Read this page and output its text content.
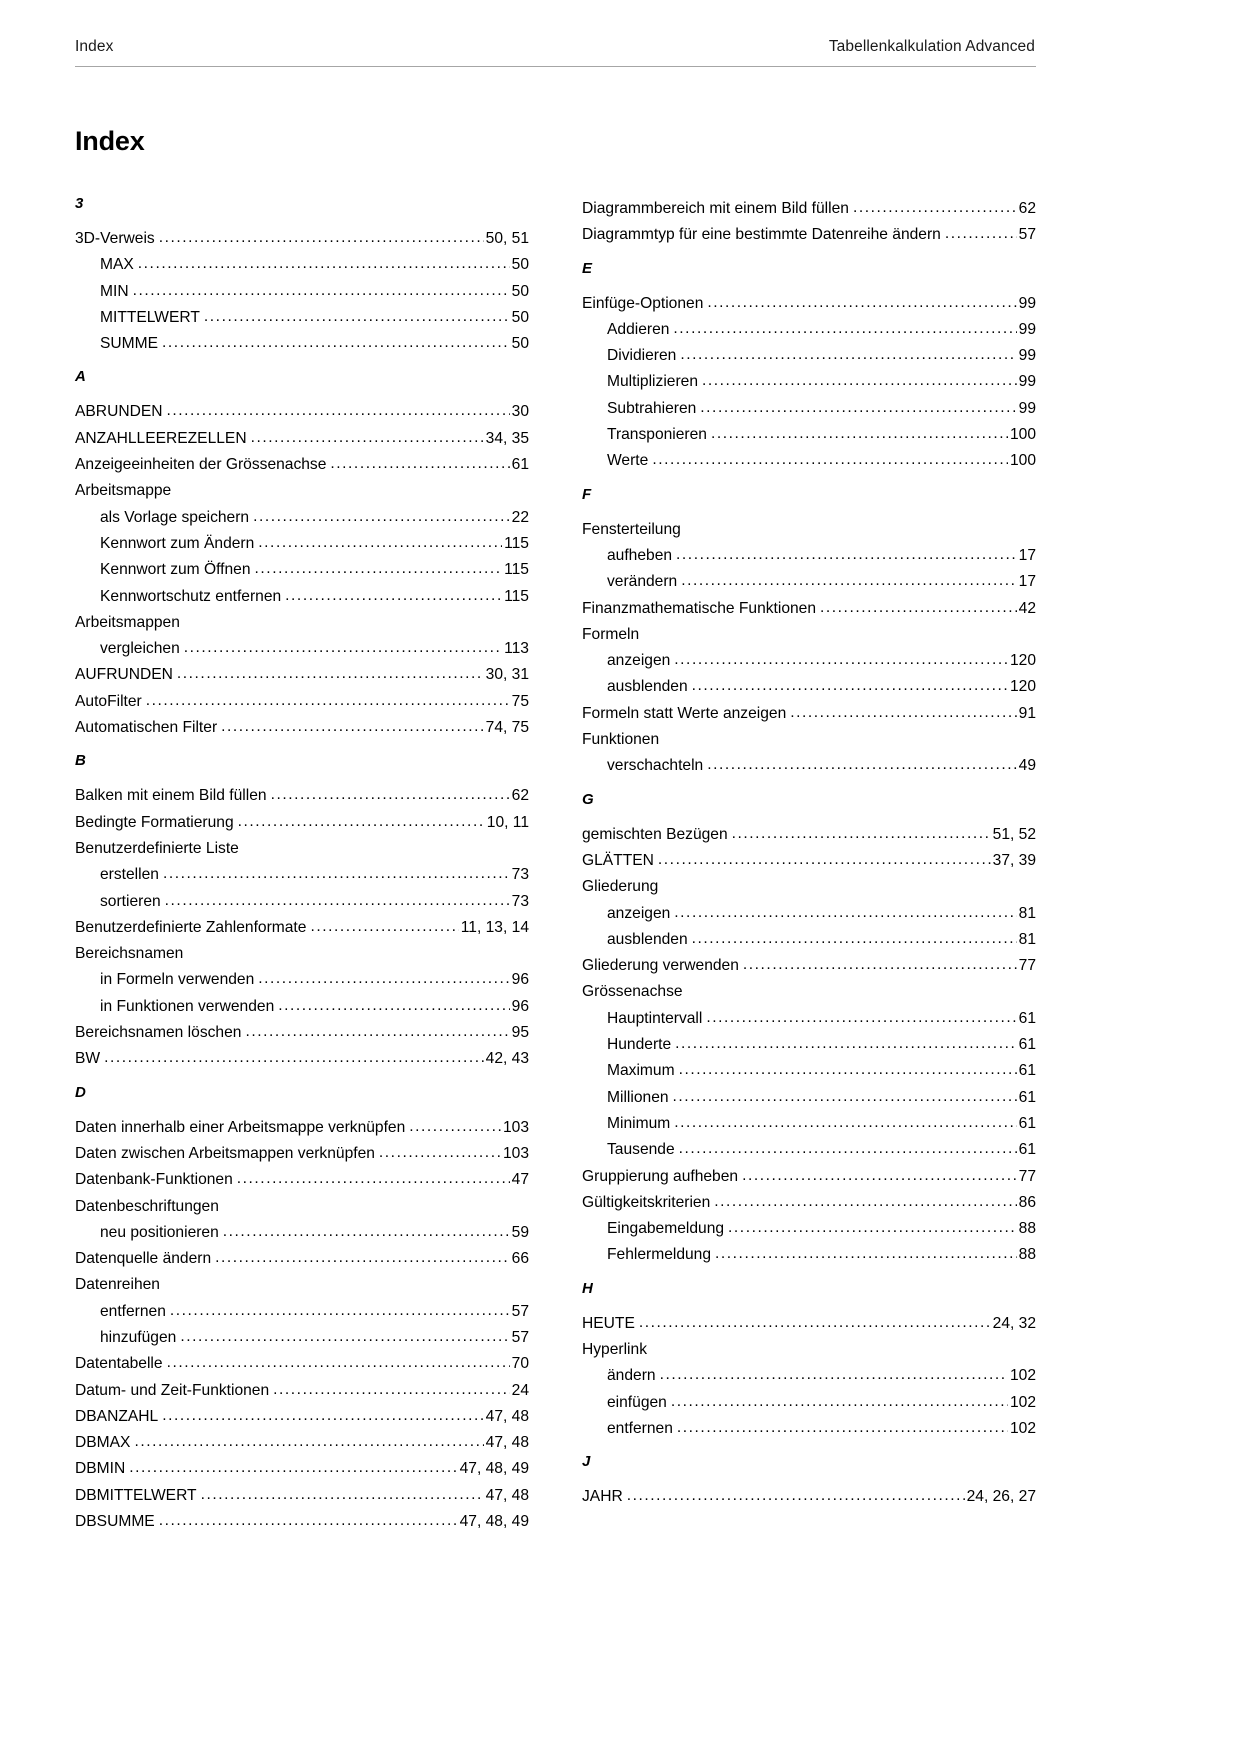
Index	Tabellenkalkulation Advanced
Index
3
3D-Verweis .....	50, 51
MAX .....	50
MIN .....	50
MITTELWERT .....	50
SUMME .....	50
A
ABRUNDEN .....	30
ANZAHLLEEREZELLEN .....	34, 35
Anzeigeeinheiten der Grössenachse .....	61
Arbeitsmappe
als Vorlage speichern .....	22
Kennwort zum Ändern .....	115
Kennwort zum Öffnen .....	115
Kennwortschutz entfernen .....	115
Arbeitsmappen
vergleichen .....	113
AUFRUNDEN .....	30, 31
AutoFilter .....	75
Automatischen Filter .....	74, 75
B
Balken mit einem Bild füllen .....	62
Bedingte Formatierung .....	10, 11
Benutzerdefinierte Liste
erstellen .....	73
sortieren .....	73
Benutzerdefinierte Zahlenformate .....	11, 13, 14
Bereichsnamen
in Formeln verwenden .....	96
in Funktionen verwenden .....	96
Bereichsnamen löschen .....	95
BW .....	42, 43
D
Daten innerhalb einer Arbeitsmappe verknüpfen .....	103
Daten zwischen Arbeitsmappen verknüpfen .....	103
Datenbank-Funktionen .....	47
Datenbeschriftungen
neu positionieren .....	59
Datenquelle ändern .....	66
Datenreihen
entfernen .....	57
hinzufügen .....	57
Datentabelle .....	70
Datum- und Zeit-Funktionen .....	24
DBANZAHL .....	47, 48
DBMAX .....	47, 48
DBMIN .....	47, 48, 49
DBMITTELWERT .....	47, 48
DBSUMME .....	47, 48, 49
Diagrammbereich mit einem Bild füllen .....	62
Diagrammtyp für eine bestimmte Datenreihe ändern .....	57
E
Einfüge-Optionen .....	99
Addieren .....	99
Dividieren .....	99
Multiplizieren .....	99
Subtrahieren .....	99
Transponieren .....	100
Werte .....	100
F
Fensterteilung
aufheben .....	17
verändern .....	17
Finanzmathematische Funktionen .....	42
Formeln
anzeigen .....	120
ausblenden .....	120
Formeln statt Werte anzeigen .....	91
Funktionen
verschachteln .....	49
G
gemischten Bezügen .....	51, 52
GLÄTTEN .....	37, 39
Gliederung
anzeigen .....	81
ausblenden .....	81
Gliederung verwenden .....	77
Grössenachse
Hauptintervall .....	61
Hunderte .....	61
Maximum .....	61
Millionen .....	61
Minimum .....	61
Tausende .....	61
Gruppierung aufheben .....	77
Gültigkeitskriterien .....	86
Eingabemeldung .....	88
Fehlermeldung .....	88
H
HEUTE .....	24, 32
Hyperlink
ändern .....	102
einfügen .....	102
entfernen .....	102
J
JAHR .....	24, 26, 27
